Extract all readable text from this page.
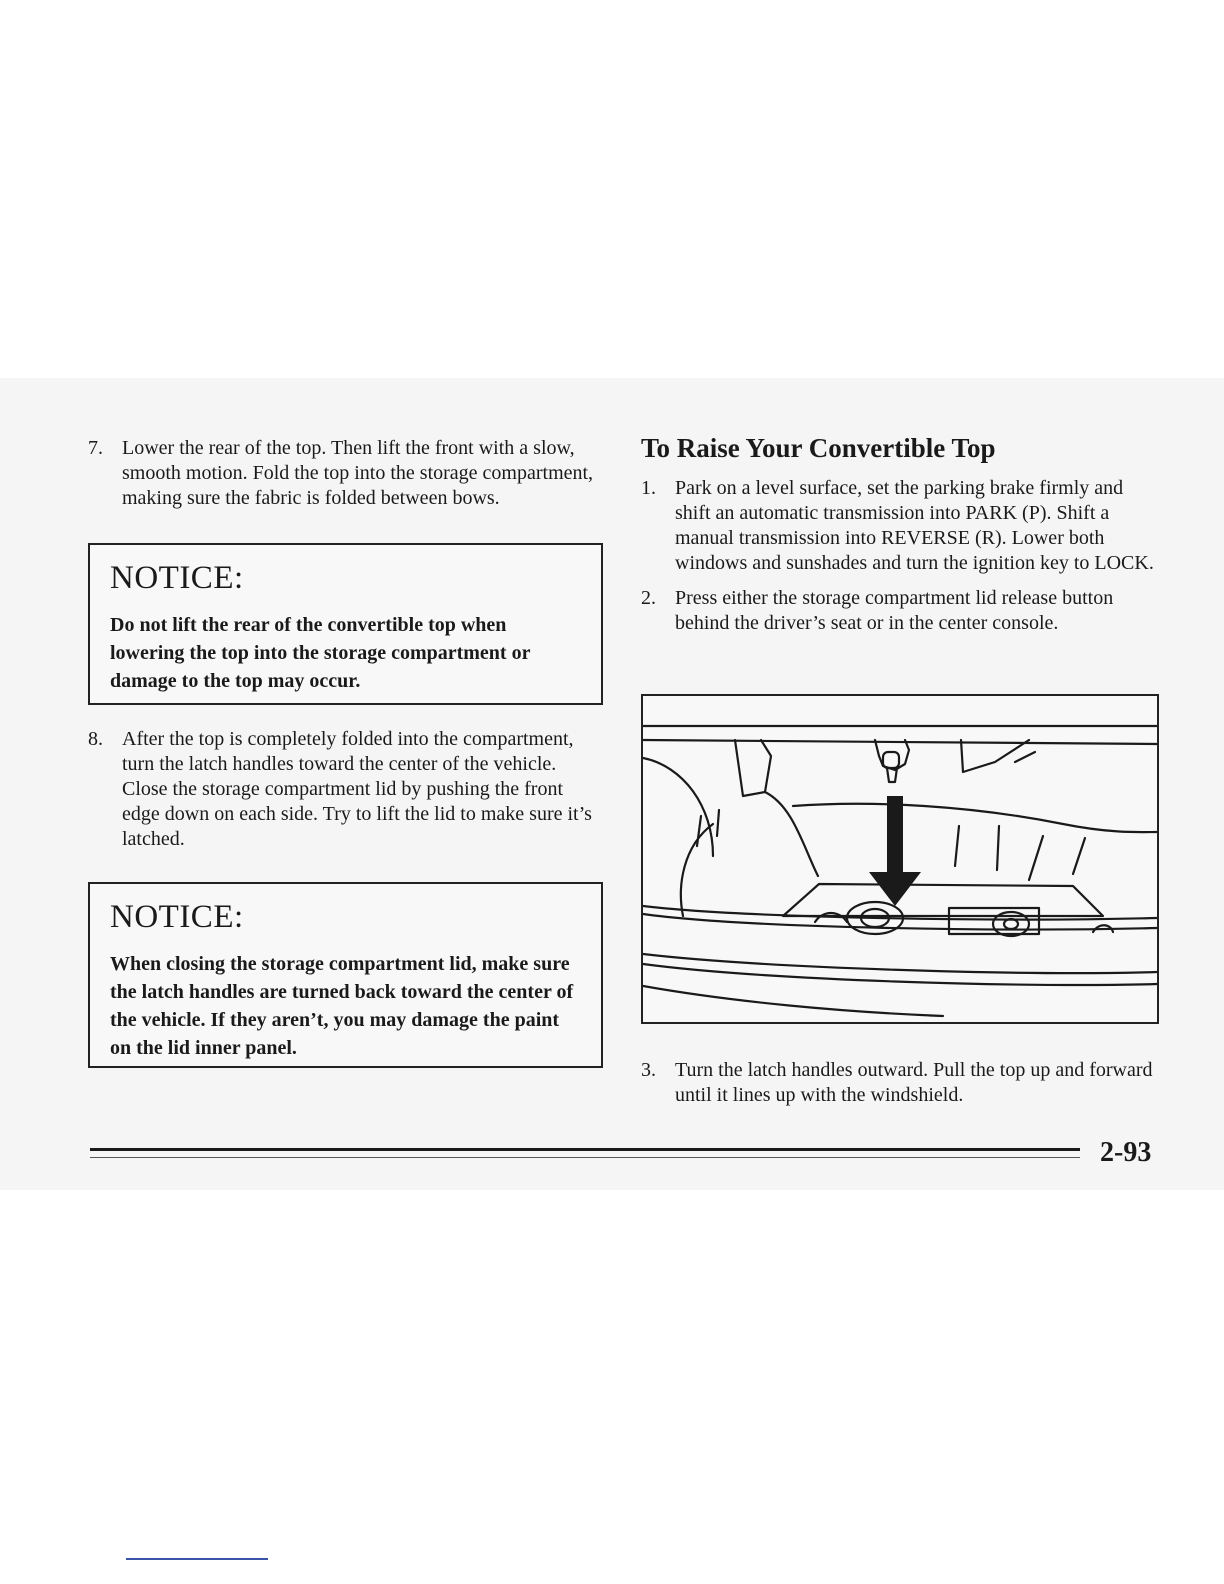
7. Lower the rear of the top. Then lift the front with a slow, smooth motion. Fold the top into the storage compartment, making sure the fabric is folded between bows.
NOTICE:
Do not lift the rear of the convertible top when lowering the top into the storage compartment or damage to the top may occur.
8. After the top is completely folded into the compartment, turn the latch handles toward the center of the vehicle. Close the storage compartment lid by pushing the front edge down on each side. Try to lift the lid to make sure it’s latched.
NOTICE:
When closing the storage compartment lid, make sure the latch handles are turned back toward the center of the vehicle. If they aren’t, you may damage the paint on the lid inner panel.
To Raise Your Convertible Top
1. Park on a level surface, set the parking brake firmly and shift an automatic transmission into PARK (P). Shift a manual transmission into REVERSE (R). Lower both windows and sunshades and turn the ignition key to LOCK.
2. Press either the storage compartment lid release button behind the driver’s seat or in the center console.
3. Turn the latch handles outward. Pull the top up and forward until it lines up with the windshield.
2-93
